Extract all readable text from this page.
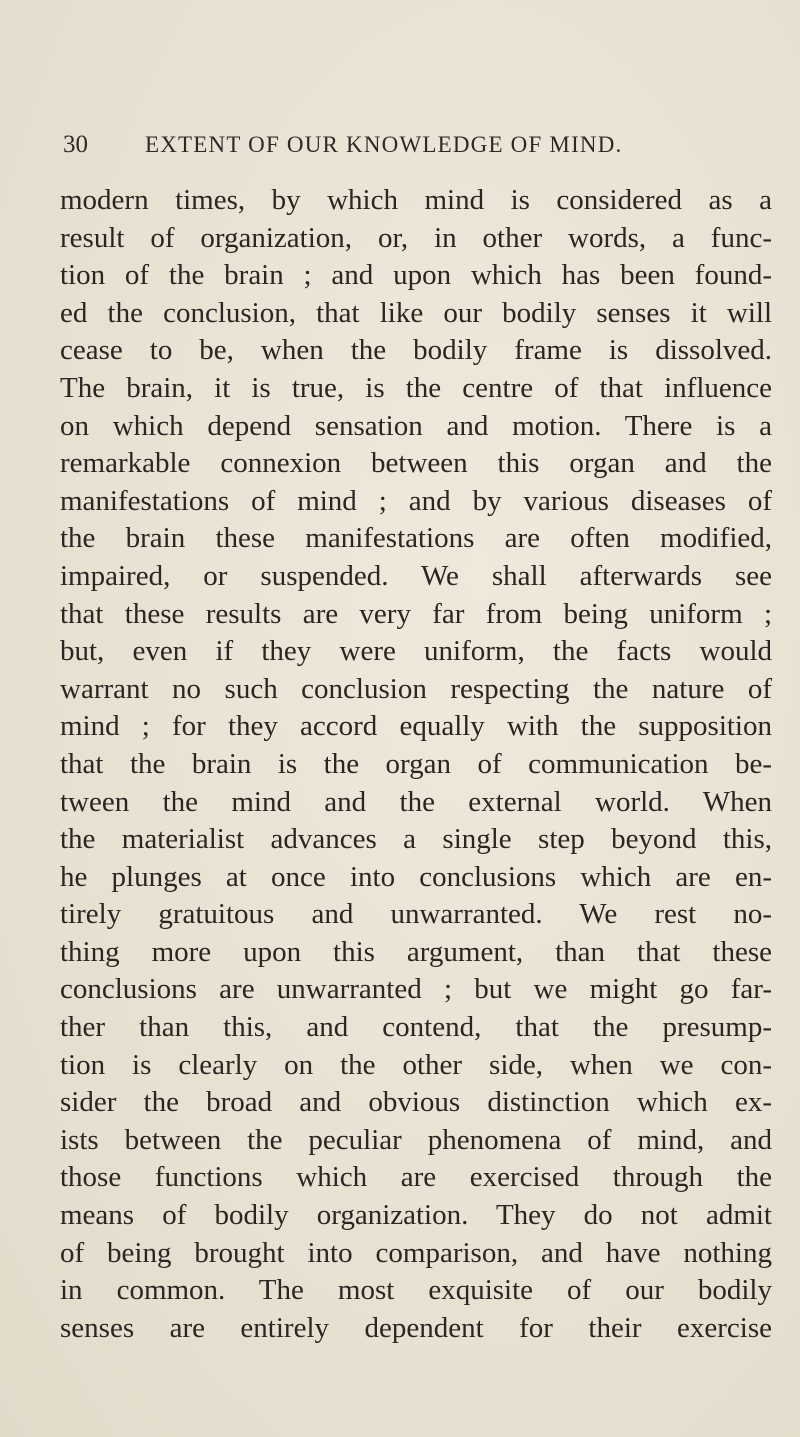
30 EXTENT OF OUR KNOWLEDGE OF MIND.
modern times, by which mind is considered as a
result of organization, or, in other words, a func-
tion of the brain ; and upon which has been found-
ed the conclusion, that like our bodily senses it will
cease to be, when the bodily frame is dissolved.
The brain, it is true, is the centre of that influence
on which depend sensation and motion. There is a
remarkable connexion between this organ and the
manifestations of mind ; and by various diseases of
the brain these manifestations are often modified,
impaired, or suspended. We shall afterwards see
that these results are very far from being uniform ;
but, even if they were uniform, the facts would
warrant no such conclusion respecting the nature of
mind ; for they accord equally with the supposition
that the brain is the organ of communication be-
tween the mind and the external world. When
the materialist advances a single step beyond this,
he plunges at once into conclusions which are en-
tirely gratuitous and unwarranted. We rest no-
thing more upon this argument, than that these
conclusions are unwarranted ; but we might go far-
ther than this, and contend, that the presump-
tion is clearly on the other side, when we con-
sider the broad and obvious distinction which ex-
ists between the peculiar phenomena of mind, and
those functions which are exercised through the
means of bodily organization. They do not admit
of being brought into comparison, and have nothing
in common. The most exquisite of our bodily
senses are entirely dependent for their exercise
